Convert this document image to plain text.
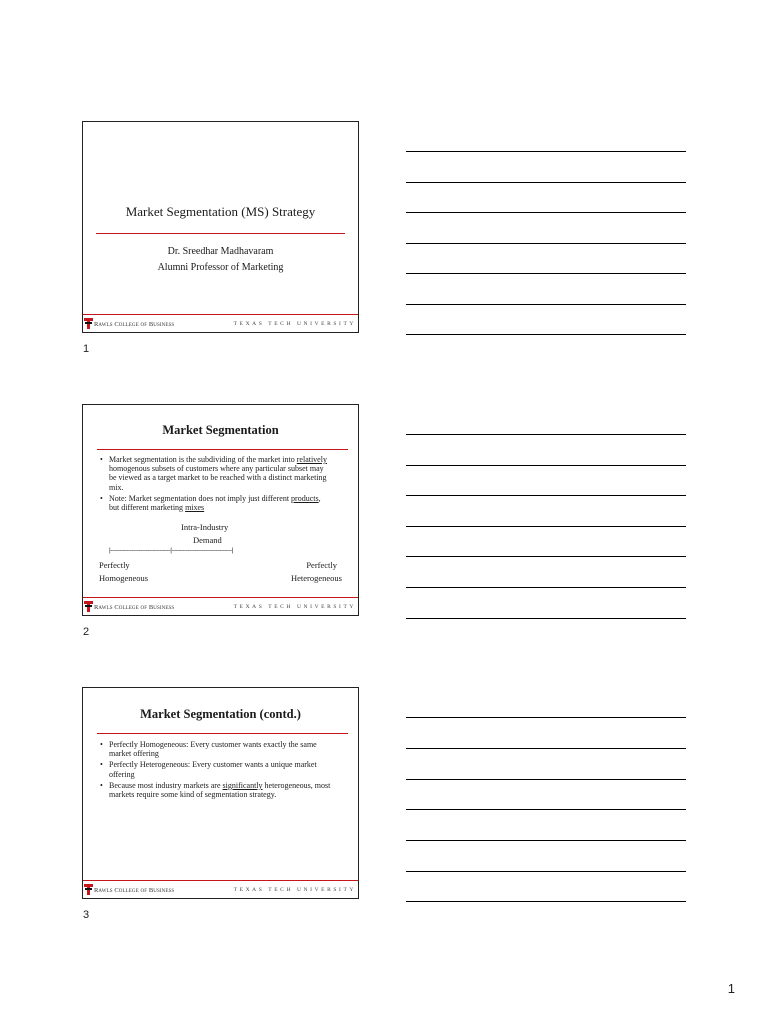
Market Segmentation (MS) Strategy
Dr. Sreedhar Madhavaram
Alumni Professor of Marketing
Rawls College of Business	TEXAS TECH UNIVERSITY
1
Market Segmentation
• Market segmentation is the subdividing of the market into relatively homogenous subsets of customers where any particular subset may be viewed as a target market to be reached with a distinct marketing mix.
• Note: Market segmentation does not imply just different products, but different marketing mixes
Intra-Industry
Demand
|----------------------------------|----------------------------------|
Perfectly
Homogeneous
Perfectly
Heterogeneous
Rawls College of Business	TEXAS TECH UNIVERSITY
2
Market Segmentation (contd.)
• Perfectly Homogeneous: Every customer wants exactly the same market offering
• Perfectly Heterogeneous: Every customer wants a unique market offering
• Because most industry markets are significantly heterogeneous, most markets require some kind of segmentation strategy.
Rawls College of Business	TEXAS TECH UNIVERSITY
3
1
